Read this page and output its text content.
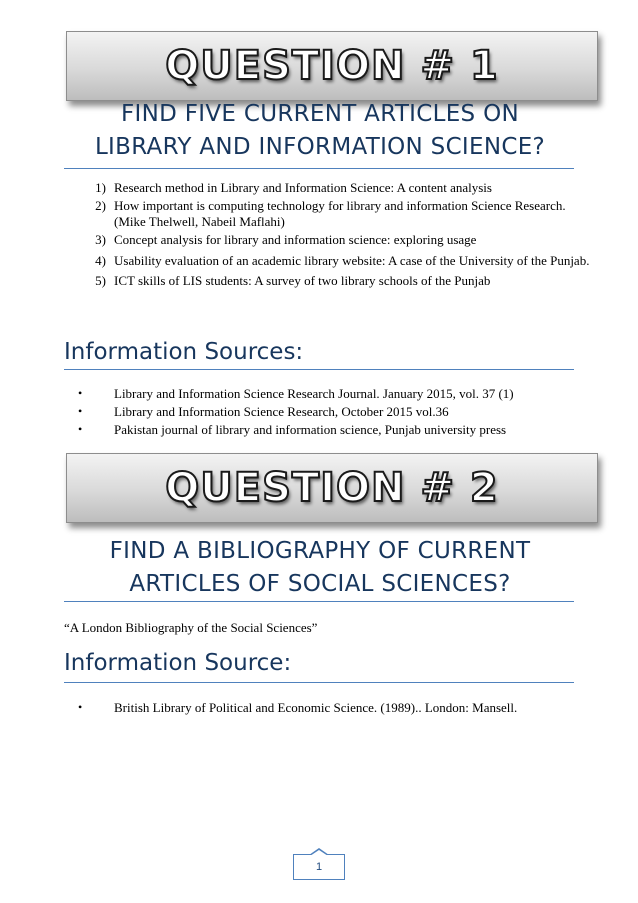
QUESTION # 1
FIND FIVE CURRENT ARTICLES ON
LIBRARY AND INFORMATION SCIENCE?
1) Research method in Library and Information Science: A content analysis
2) How important is computing technology for library and information Science Research.
(Mike Thelwell, Nabeil Maflahi)
3) Concept analysis for library and information science: exploring usage
4) Usability evaluation of an academic library website: A case of the University of the Punjab.
5) ICT skills of LIS students: A survey of two library schools of the Punjab
Information Sources:
• Library and Information Science Research Journal. January 2015, vol. 37 (1)
• Library and Information Science Research, October 2015 vol.36
• Pakistan journal of library and information science, Punjab university press
QUESTION # 2
FIND A BIBLIOGRAPHY OF CURRENT
ARTICLES OF SOCIAL SCIENCES?
“A London Bibliography of the Social Sciences”
Information Source:
• British Library of Political and Economic Science. (1989).. London: Mansell.
1
